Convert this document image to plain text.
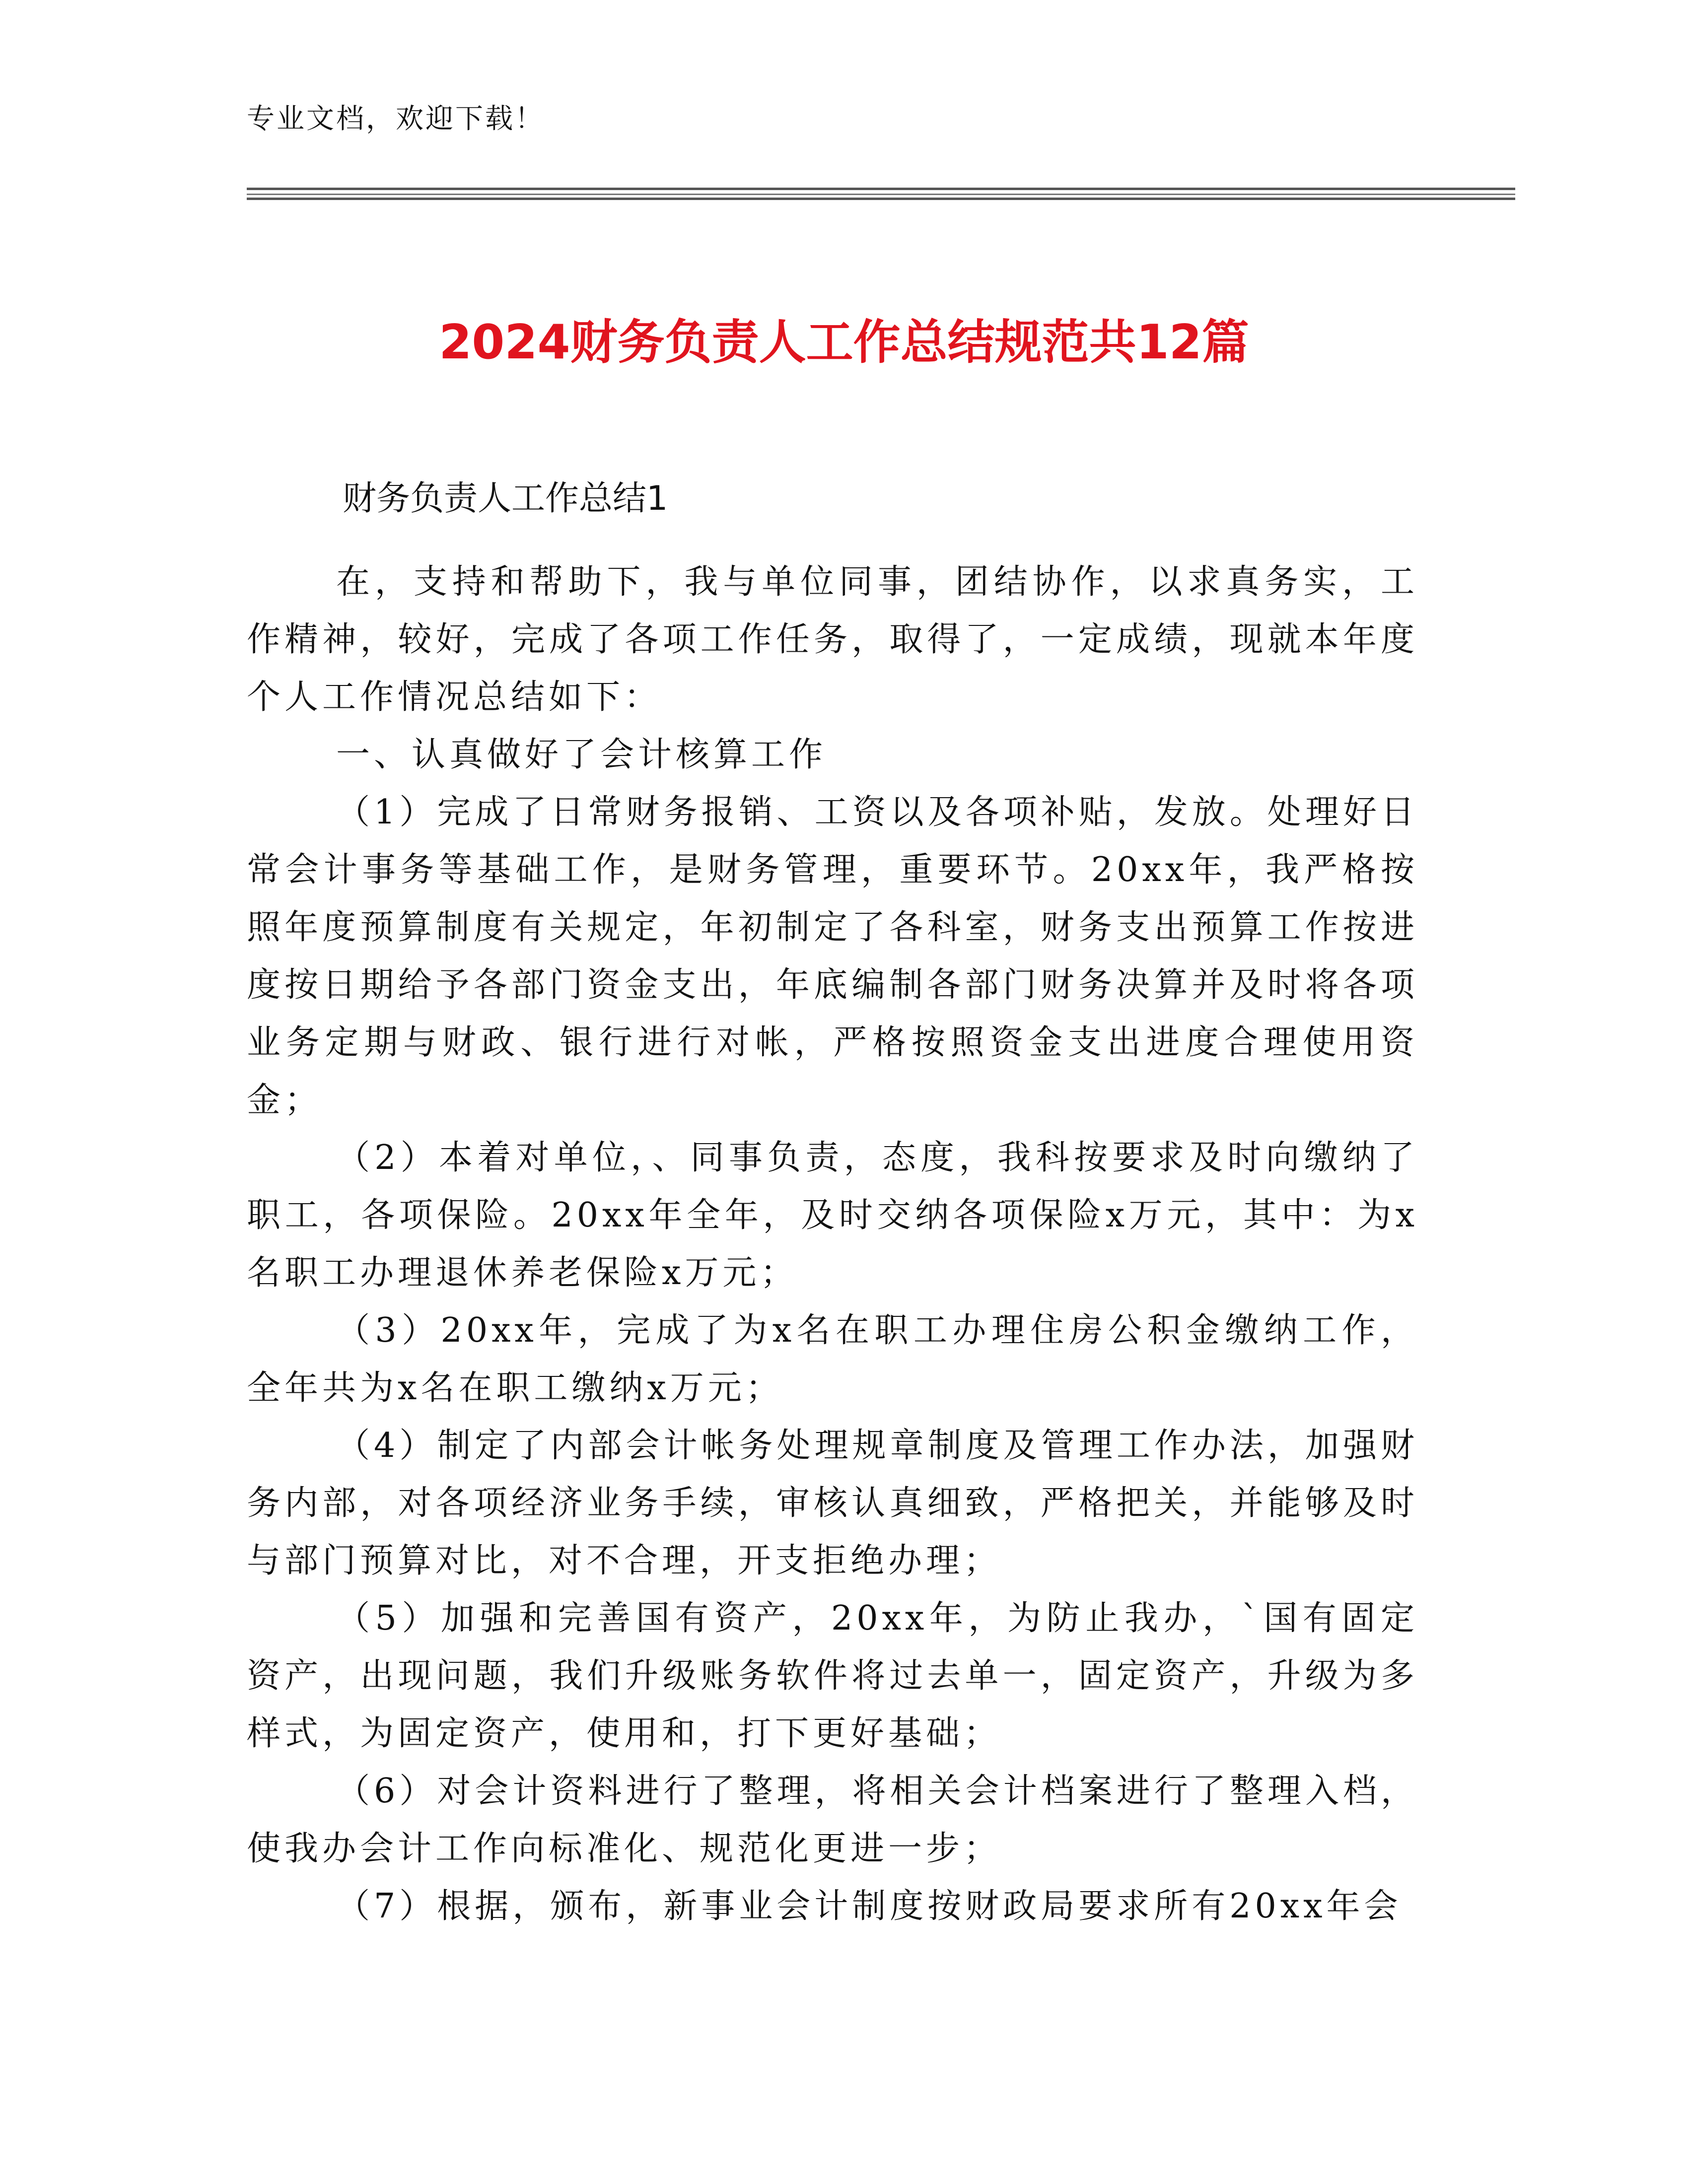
专业文档，欢迎下载！
2024财务负责人工作总结规范共12篇
财务负责人工作总结1

在，支持和帮助下，我与单位同事，团结协作，以求真务实，工作精神，较好，完成了各项工作任务，取得了，一定成绩，现就本年度个人工作情况总结如下：

一、认真做好了会计核算工作

（1）完成了日常财务报销、工资以及各项补贴，发放。处理好日常会计事务等基础工作，是财务管理，重要环节。20xx年，我严格按照年度预算制度有关规定，年初制定了各科室，财务支出预算工作按进度按日期给予各部门资金支出，年底编制各部门财务决算并及时将各项业务定期与财政、银行进行对帐，严格按照资金支出进度合理使用资金；

（2）本着对单位，、同事负责，态度，我科按要求及时向缴纳了职工，各项保险。20xx年全年，及时交纳各项保险x万元，其中：为x名职工办理退休养老保险x万元；

（3）20xx年，完成了为x名在职工办理住房公积金缴纳工作，全年共为x名在职工缴纳x万元；

（4）制定了内部会计帐务处理规章制度及管理工作办法，加强财务内部，对各项经济业务手续，审核认真细致，严格把关，并能够及时与部门预算对比，对不合理，开支拒绝办理；

（5）加强和完善国有资产，20xx年，为防止我办，`国有固定资产，出现问题，我们升级账务软件将过去单一，固定资产，升级为多样式，为固定资产，使用和，打下更好基础；

（6）对会计资料进行了整理，将相关会计档案进行了整理入档，使我办会计工作向标准化、规范化更进一步；

（7）根据，颁布，新事业会计制度按财政局要求所有20xx年会
